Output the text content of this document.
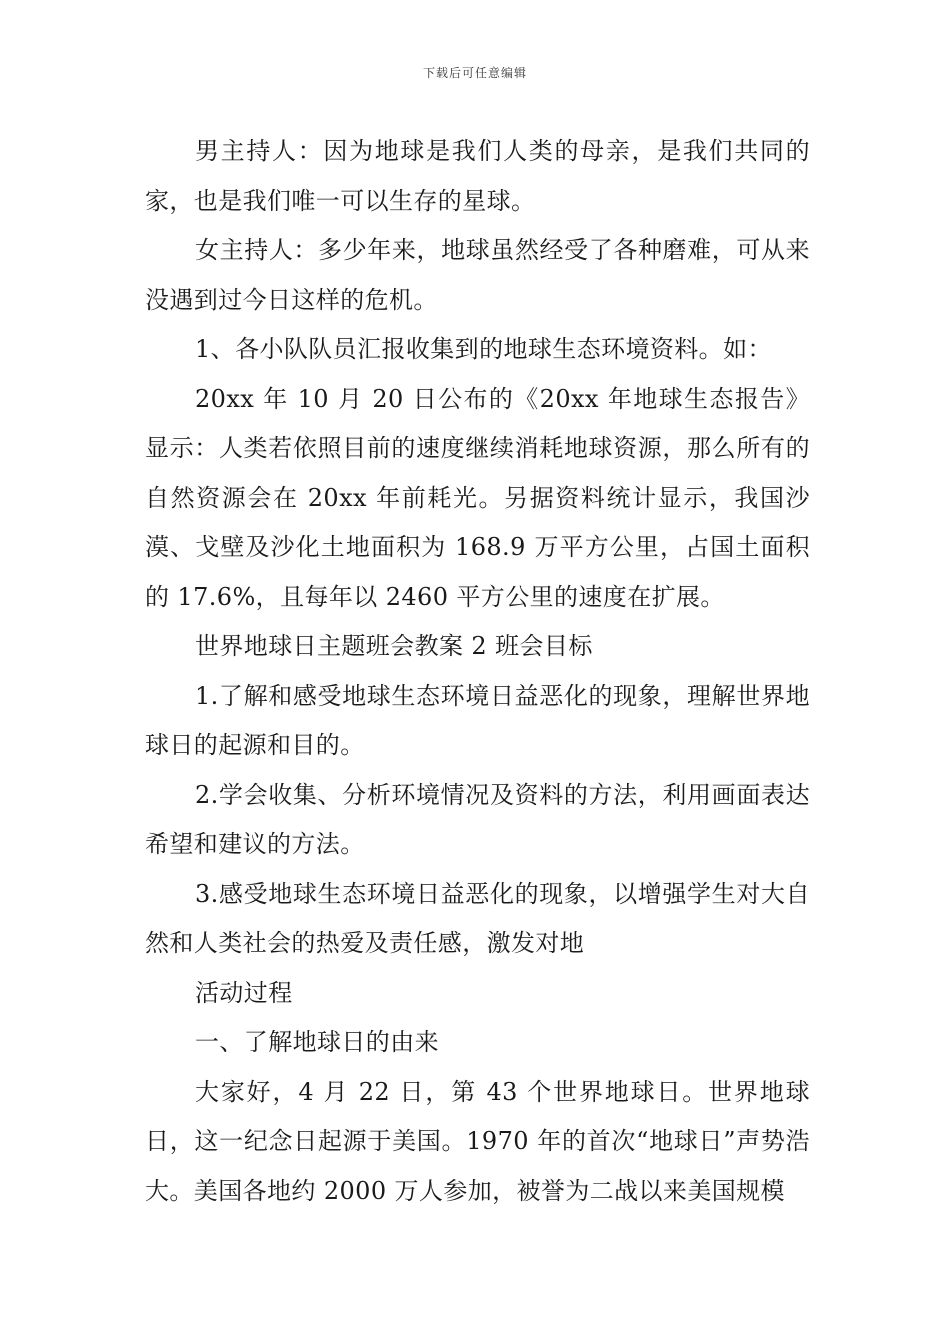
下载后可任意编辑

男主持人：因为地球是我们人类的母亲，是我们共同的家，也是我们唯一可以生存的星球。

女主持人：多少年来，地球虽然经受了各种磨难，可从来没遇到过今日这样的危机。

1、各小队队员汇报收集到的地球生态环境资料。如：

20xx 年 10 月 20 日公布的《20xx 年地球生态报告》显示：人类若依照目前的速度继续消耗地球资源，那么所有的自然资源会在 20xx 年前耗光。另据资料统计显示，我国沙漠、戈壁及沙化土地面积为 168.9 万平方公里，占国土面积的 17.6%，且每年以 2460 平方公里的速度在扩展。

世界地球日主题班会教案 2 班会目标

1.了解和感受地球生态环境日益恶化的现象，理解世界地球日的起源和目的。

2.学会收集、分析环境情况及资料的方法，利用画面表达希望和建议的方法。

3.感受地球生态环境日益恶化的现象，以增强学生对大自然和人类社会的热爱及责任感，激发对地

活动过程

一、了解地球日的由来

大家好，4 月 22 日，第 43 个世界地球日。世界地球日，这一纪念日起源于美国。1970 年的首次“地球日”声势浩大。美国各地约 2000 万人参加，被誉为二战以来美国规模
